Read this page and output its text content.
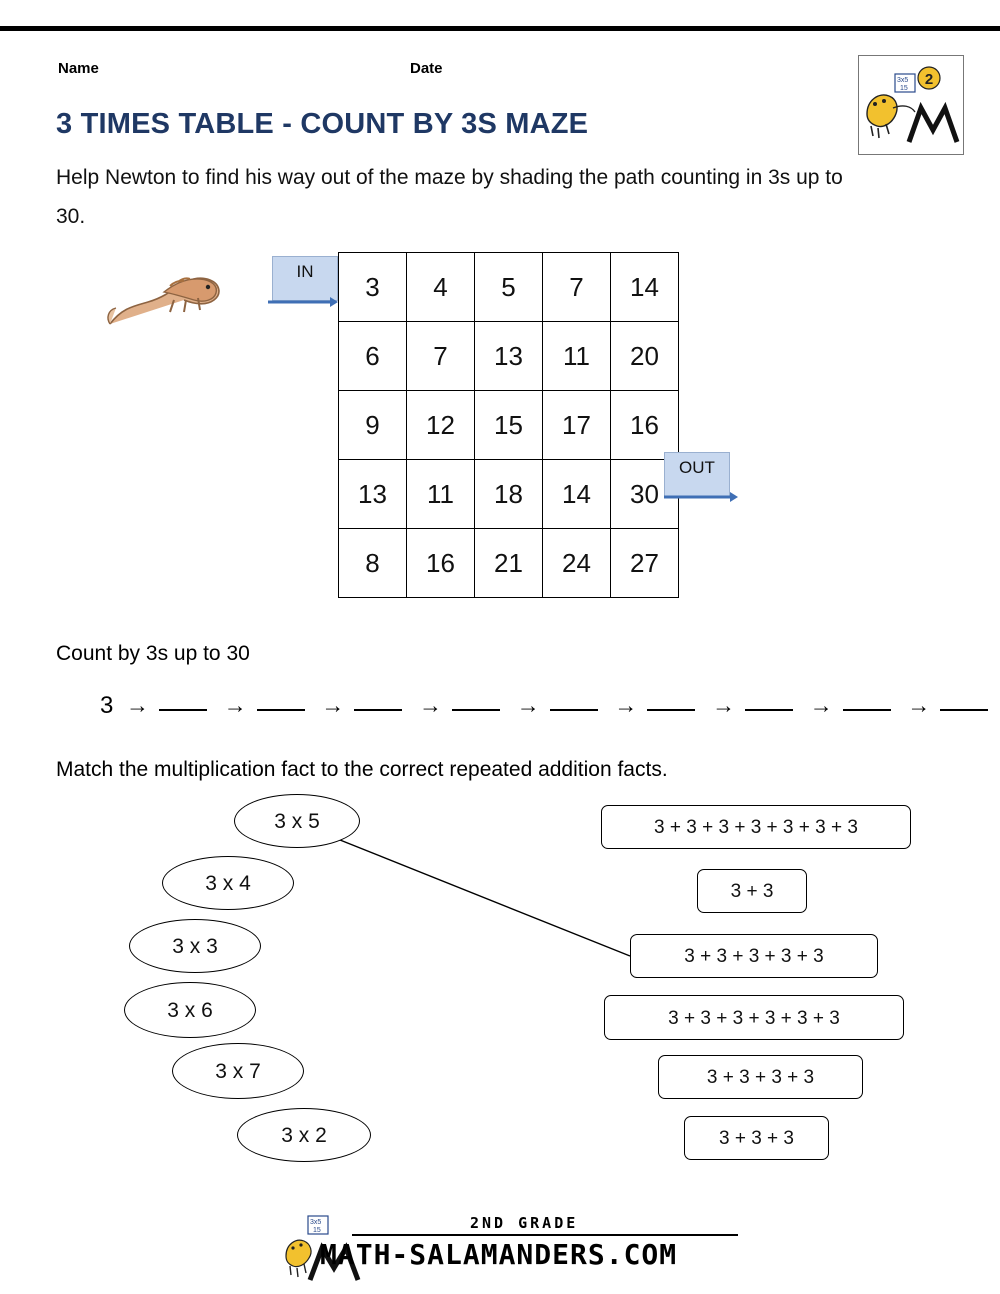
Name	Date
3x5
15
2
3 TIMES TABLE - COUNT BY 3S MAZE
Help Newton to find his way out of the maze by shading the path counting in 3s up to 30.
IN	3	4	5	7	14
6	7	13	11	20
9	12	15	17	16
13	11	18	14	30
8	16	21	24	27
OUT
Count by 3s up to 30
3 →	→	→	→	→	→	→	→	→
Match the multiplication fact to the correct repeated addition facts.
3 x 5
3 x 4
3 x 3
3 x 6
3 x 7
3 x 2
3 + 3 + 3 + 3 + 3 + 3 + 3
3 + 3
3 + 3 + 3 + 3 + 3
3 + 3 + 3 + 3 + 3 + 3
3 + 3 + 3 + 3
3 + 3 + 3
3x5
15	2ND GRADE
MATH-SALAMANDERS.COM
